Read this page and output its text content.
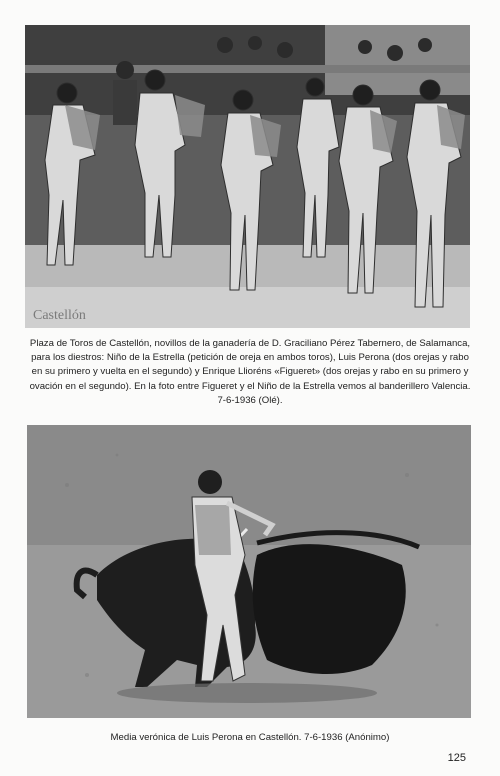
Castellón
Plaza de Toros de Castellón, novillos de la ganadería de D. Graciliano Pérez Tabernero, de Salamanca, para los diestros: Niño de la Estrella (petición de oreja en ambos toros), Luis Perona (dos orejas y rabo en su primero y vuelta en el segundo) y Enrique Llioréns «Figueret» (dos orejas y rabo en su primero y ovación en el segundo). En la foto entre Figueret y el Niño de la Estrella vemos al banderillero Valencia. 7-6-1936 (Olé).
Media verónica de Luis Perona en Castellón. 7-6-1936 (Anónimo)
125
